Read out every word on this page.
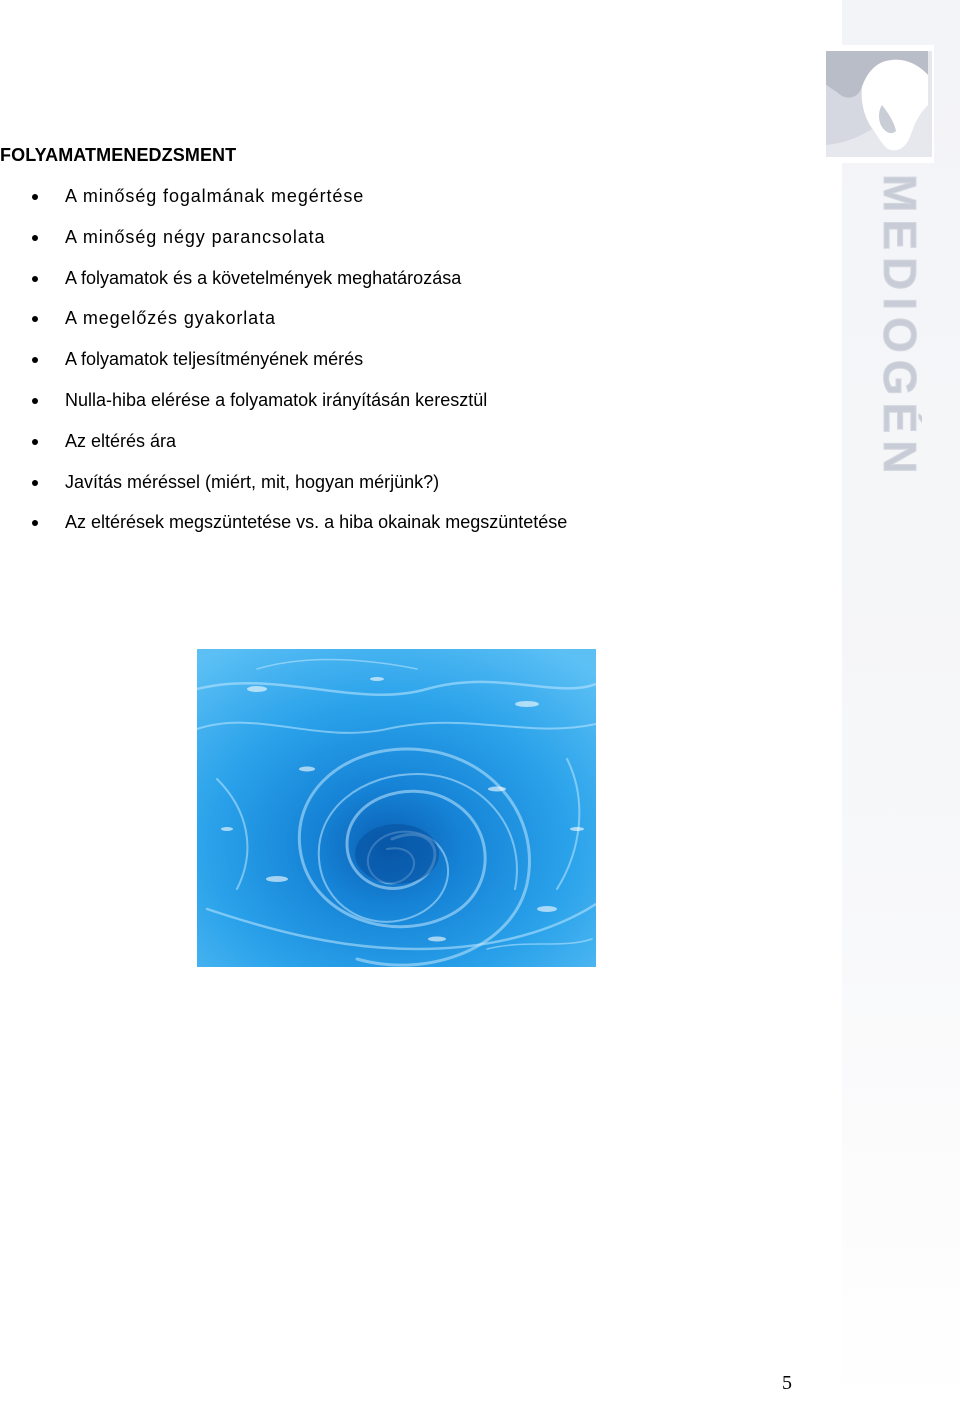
MEDIOGÉN
FOLYAMATMENEDZSMENT
A minőség fogalmának megértése
A minőség négy parancsolata
A folyamatok és a követelmények meghatározása
A megelőzés gyakorlata
A folyamatok teljesítményének mérés
Nulla-hiba elérése a folyamatok irányításán keresztül
Az eltérés ára
Javítás méréssel (miért, mit, hogyan mérjünk?)
Az eltérések megszüntetése vs. a hiba okainak megszüntetése
5
